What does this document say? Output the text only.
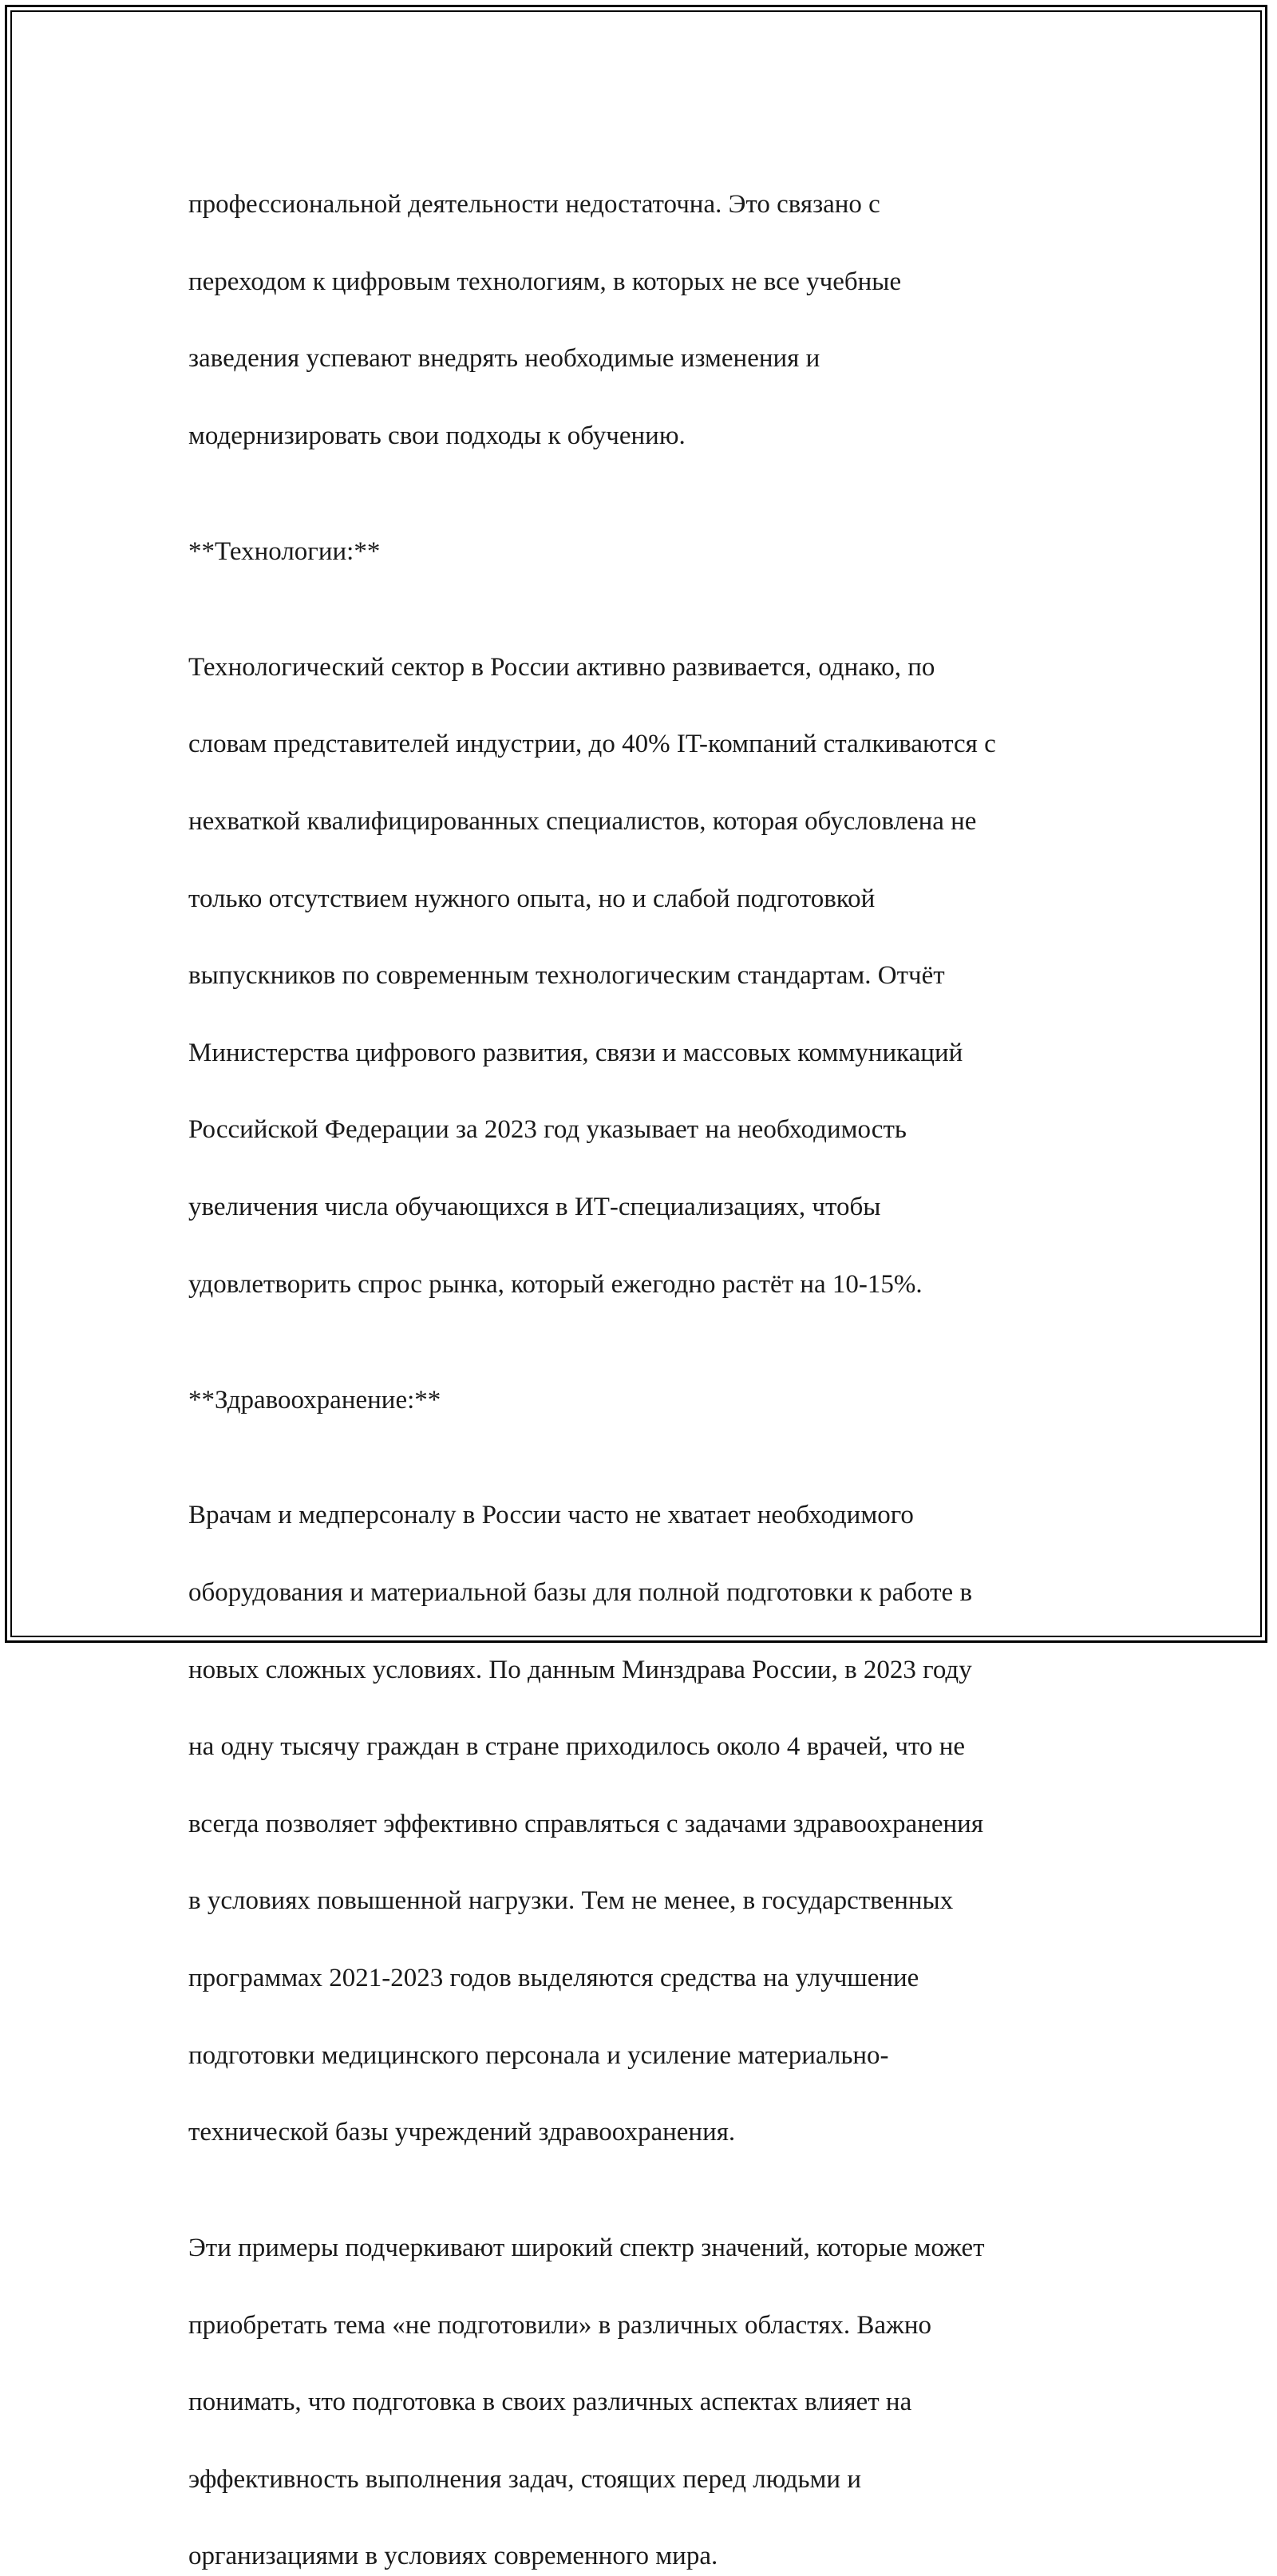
профессиональной деятельности недостаточна. Это связано с

переходом к цифровым технологиям, в которых не все учебные

заведения успевают внедрять необходимые изменения и

модернизировать свои подходы к обучению.

**Технологии:**

Технологический сектор в России активно развивается, однако, по

словам представителей индустрии, до 40% IT-компаний сталкиваются с

нехваткой квалифицированных специалистов, которая обусловлена не

только отсутствием нужного опыта, но и слабой подготовкой

выпускников по современным технологическим стандартам. Отчёт

Министерства цифрового развития, связи и массовых коммуникаций

Российской Федерации за 2023 год указывает на необходимость

увеличения числа обучающихся в ИТ-специализациях, чтобы

удовлетворить спрос рынка, который ежегодно растёт на 10-15%.

**Здравоохранение:**

Врачам и медперсоналу в России часто не хватает необходимого

оборудования и материальной базы для полной подготовки к работе в

новых сложных условиях. По данным Минздрава России, в 2023 году

на одну тысячу граждан в стране приходилось около 4 врачей, что не

всегда позволяет эффективно справляться с задачами здравоохранения

в условиях повышенной нагрузки. Тем не менее, в государственных

программах 2021-2023 годов выделяются средства на улучшение

подготовки медицинского персонала и усиление материально-

технической базы учреждений здравоохранения.

Эти примеры подчеркивают широкий спектр значений, которые может

приобретать тема «не подготовили» в различных областях. Важно

понимать, что подготовка в своих различных аспектах влияет на

эффективность выполнения задач, стоящих перед людьми и

организациями в условиях современного мира.
